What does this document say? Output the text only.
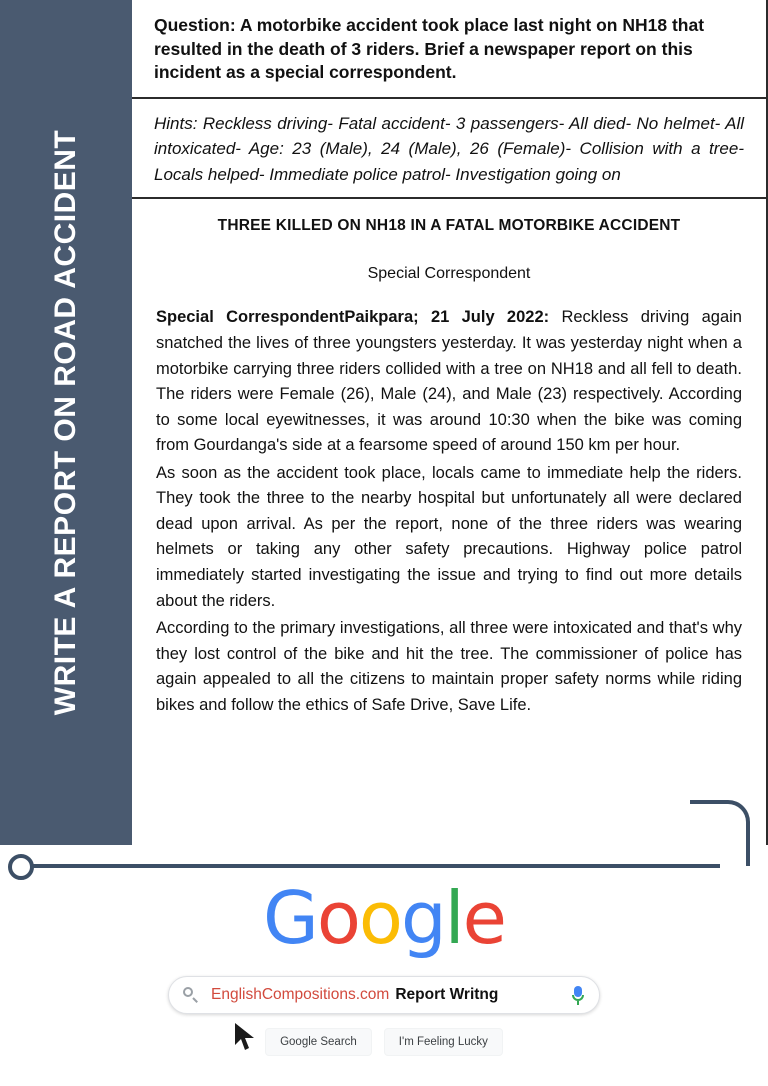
WRITE A REPORT ON ROAD ACCIDENT

Question: A motorbike accident took place last night on NH18 that resulted in the death of 3 riders. Brief a newspaper report on this incident as a special correspondent.

Hints: Reckless driving- Fatal accident- 3 passengers- All died- No helmet- All intoxicated- Age: 23 (Male), 24 (Male), 26 (Female)- Collision with a tree- Locals helped- Immediate police patrol- Investigation going on

THREE KILLED ON NH18 IN A FATAL MOTORBIKE ACCIDENT

Special Correspondent

Special CorrespondentPaikpara; 21 July 2022: Reckless driving again snatched the lives of three youngsters yesterday. It was yesterday night when a motorbike carrying three riders collided with a tree on NH18 and all fell to death. The riders were Female (26), Male (24), and Male (23) respectively. According to some local eyewitnesses, it was around 10:30 when the bike was coming from Gourdanga's side at a fearsome speed of around 150 km per hour.

As soon as the accident took place, locals came to immediate help the riders. They took the three to the nearby hospital but unfortunately all were declared dead upon arrival. As per the report, none of the three riders was wearing helmets or taking any other safety precautions. Highway police patrol immediately started investigating the issue and trying to find out more details about the riders.

According to the primary investigations, all three were intoxicated and that's why they lost control of the bike and hit the tree. The commissioner of police has again appealed to all the citizens to maintain proper safety norms while riding bikes and follow the ethics of Safe Drive, Save Life.

Google
EnglishCompositions.com Report Writng
Google Search	I'm Feeling Lucky
